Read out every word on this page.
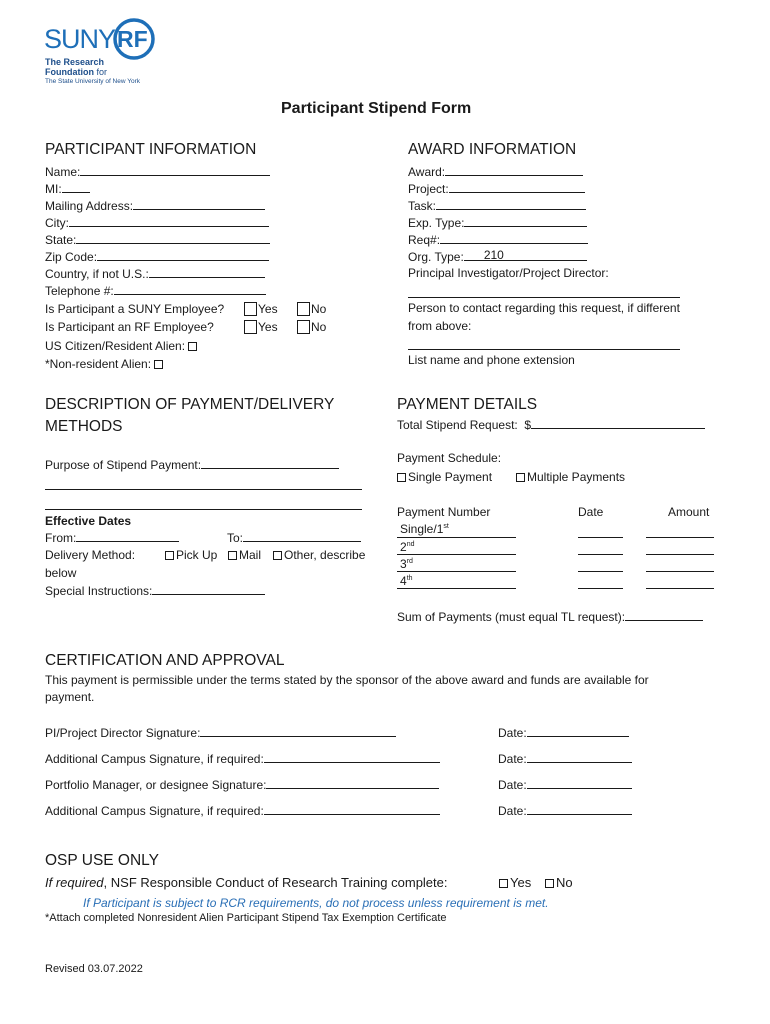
SUNY RF
The Research
Foundation for
The State University of New York
Participant Stipend Form
PARTICIPANT INFORMATION
Name:
MI:
Mailing Address:
City:
State:
Zip Code:
Country, if not U.S.:
Telephone #:
Is Participant a SUNY Employee?	Yes	No
Is Participant an RF Employee?	Yes	No
US Citizen/Resident Alien:
*Non-resident Alien:
AWARD INFORMATION
Award:
Project:
Task:
Exp. Type:
Req#:
Org. Type: 210
Principal Investigator/Project Director:
Person to contact regarding this request, if different
from above:
List name and phone extension
DESCRIPTION OF PAYMENT/DELIVERY
METHODS
Purpose of Stipend Payment:
Effective Dates
From:	To:
Delivery Method:	Pick Up	Mail	Other, describe
below
Special Instructions:
PAYMENT DETAILS
Total Stipend Request: $
Payment Schedule:
Single Payment	Multiple Payments
Payment Number	Date	Amount
Single/1st
2nd
3rd
4th
Sum of Payments (must equal TL request):
CERTIFICATION AND APPROVAL
This payment is permissible under the terms stated by the sponsor of the above award and funds are available for
payment.
PI/Project Director Signature:	Date:
Additional Campus Signature, if required:	Date:
Portfolio Manager, or designee Signature:	Date:
Additional Campus Signature, if required:	Date:
OSP USE ONLY
If required, NSF Responsible Conduct of Research Training complete:	Yes	No
If Participant is subject to RCR requirements, do not process unless requirement is met.
*Attach completed Nonresident Alien Participant Stipend Tax Exemption Certificate
Revised 03.07.2022
